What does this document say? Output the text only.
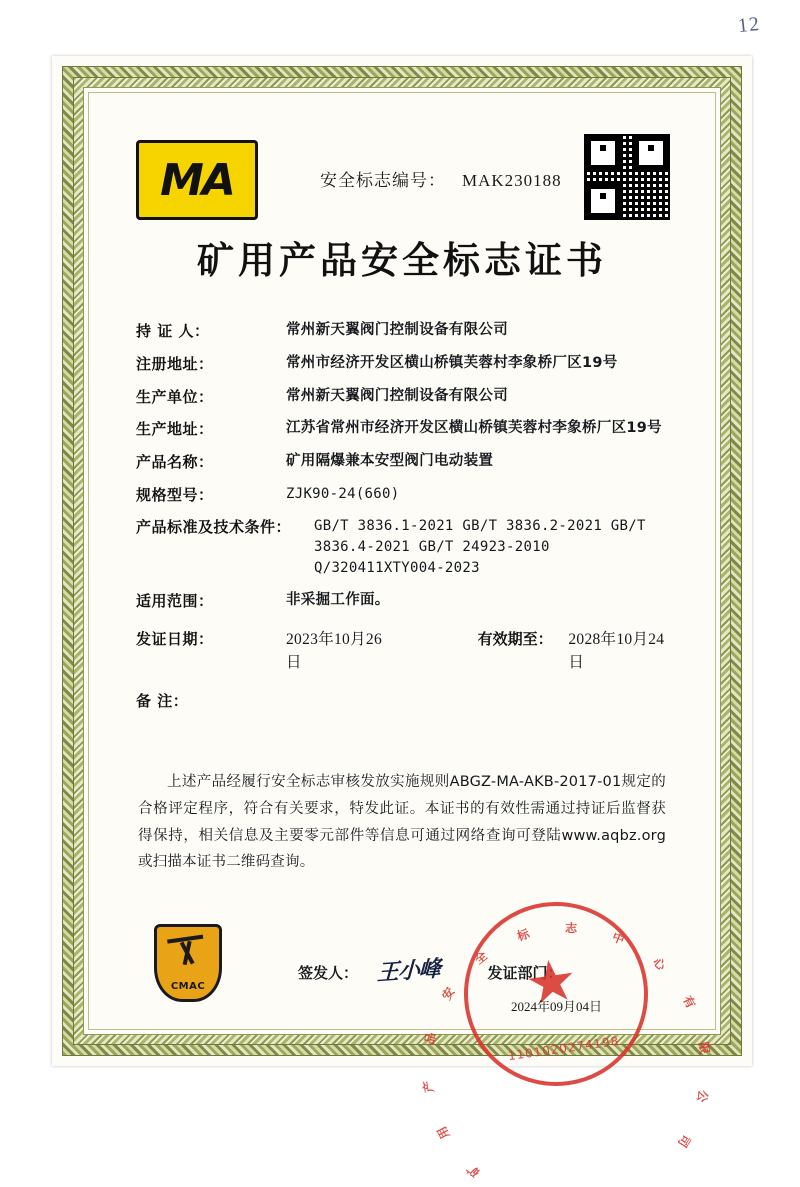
12
MA	安全标志编号： MAK230188
矿用产品安全标志证书
持 证 人：	常州新天翼阀门控制设备有限公司
注册地址：	常州市经济开发区横山桥镇芙蓉村李象桥厂区19号
生产单位：	常州新天翼阀门控制设备有限公司
生产地址：	江苏省常州市经济开发区横山桥镇芙蓉村李象桥厂区19号
产品名称：	矿用隔爆兼本安型阀门电动装置
规格型号：	ZJK90-24(660)
产品标准及技术条件：	GB/T 3836.1-2021 GB/T 3836.2-2021 GB/T 3836.4-2021 GB/T 24923-2010 Q/320411XTY004-2023
适用范围：	非采掘工作面。
发证日期：	2023年10月26日
有效期至：	2028年10月24日
备 注：
上述产品经履行安全标志审核发放实施规则ABGZ-MA-AKB-2017-01规定的合格评定程序，符合有关要求，特发此证。本证书的有效性需通过持证后监督获得保持，相关信息及主要零元部件等信息可通过网络查询可登陆www.aqbz.org或扫描本证书二维码查询。
CMAC
签发人： 王小峰	发证部门：
矿
用
产
品
安
全
标	志
中
心
有
限
公
司
1101020274198
2024年09月04日
